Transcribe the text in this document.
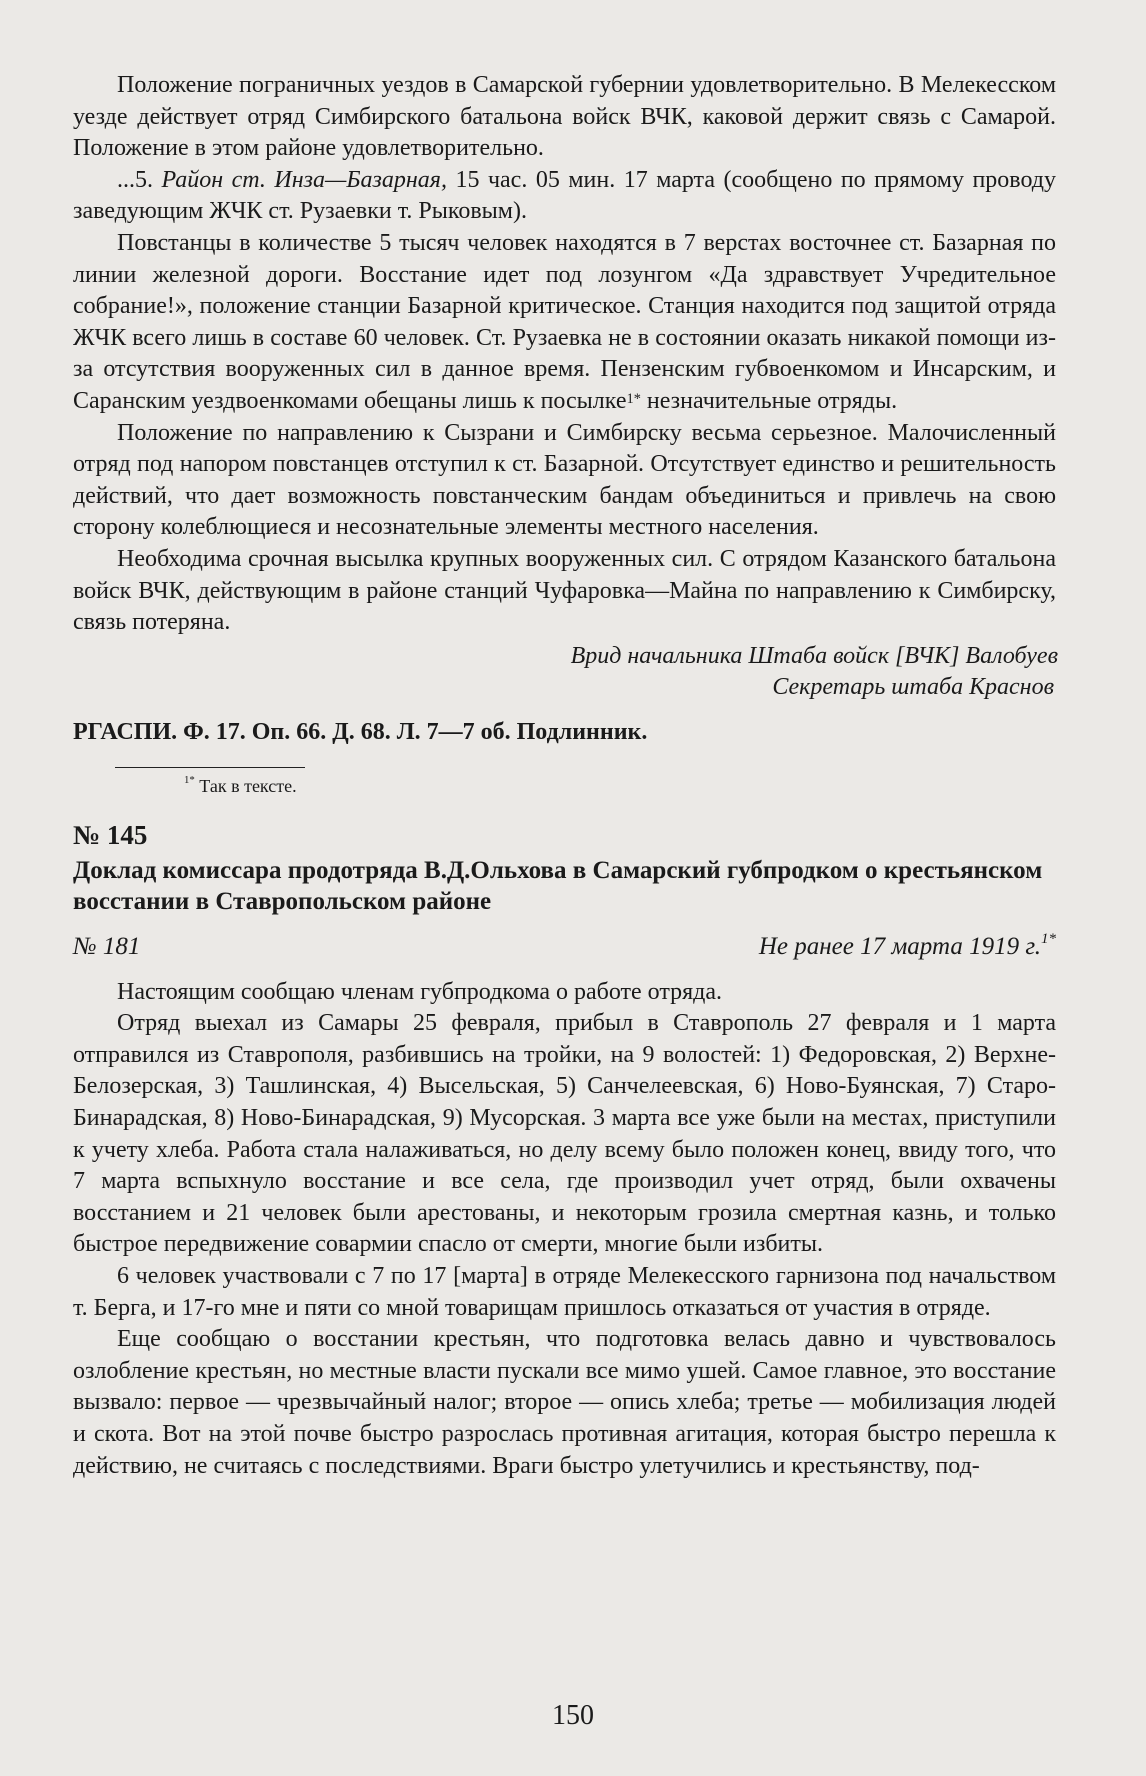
Положение пограничных уездов в Самарской губернии удовлетворительно. В Мелекесском уезде действует отряд Симбирского батальона войск ВЧК, каковой держит связь с Самарой. Положение в этом районе удовлетворительно.

...5. Район ст. Инза—Базарная, 15 час. 05 мин. 17 марта (сообщено по прямому проводу заведующим ЖЧК ст. Рузаевки т. Рыковым).

Повстанцы в количестве 5 тысяч человек находятся в 7 верстах восточнее ст. Базарная по линии железной дороги. Восстание идет под лозунгом «Да здравствует Учредительное собрание!», положение станции Базарной критическое. Станция находится под защитой отряда ЖЧК всего лишь в составе 60 человек. Ст. Рузаевка не в состоянии оказать никакой помощи из-за отсутствия вооруженных сил в данное время. Пензенским губвоенкомом и Инсарским, и Саранским уездвоенкомами обещаны лишь к посылке$^{1*}$ незначительные отряды.

Положение по направлению к Сызрани и Симбирску весьма серьезное. Малочисленный отряд под напором повстанцев отступил к ст. Базарной. Отсутствует единство и решительность действий, что дает возможность повстанческим бандам объединиться и привлечь на свою сторону колеблющиеся и несознательные элементы местного населения.

Необходима срочная высылка крупных вооруженных сил. С отрядом Казанского батальона войск ВЧК, действующим в районе станций Чуфаровка—Майна по направлению к Симбирску, связь потеряна.

Врид начальника Штаба войск [ВЧК] Валобуев
Секретарь штаба Краснов
РГАСПИ. Ф. 17. Оп. 66. Д. 68. Л. 7—7 об. Подлинник.
$^{1*}$ Так в тексте.
№ 145
Доклад комиссара продотряда В.Д.Ольхова в Самарский губпродком о крестьянском восстании в Ставропольском районе
№ 181	Не ранее 17 марта 1919 г.$^{1*}$

Настоящим сообщаю членам губпродкома о работе отряда.

Отряд выехал из Самары 25 февраля, прибыл в Ставрополь 27 февраля и 1 марта отправился из Ставрополя, разбившись на тройки, на 9 волостей: 1) Федоровская, 2) Верхне-Белозерская, 3) Ташлинская, 4) Высельская, 5) Санчелеевская, 6) Ново-Буянская, 7) Старо-Бинарадская, 8) Ново-Бинарадская, 9) Мусорская. 3 марта все уже были на местах, приступили к учету хлеба. Работа стала налаживаться, но делу всему было положен конец, ввиду того, что 7 марта вспыхнуло восстание и все села, где производил учет отряд, были охвачены восстанием и 21 человек были арестованы, и некоторым грозила смертная казнь, и только быстрое передвижение совармии спасло от смерти, многие были избиты.

6 человек участвовали с 7 по 17 [марта] в отряде Мелекесского гарнизона под начальством т. Берга, и 17-го мне и пяти со мной товарищам пришлось отказаться от участия в отряде.

Еще сообщаю о восстании крестьян, что подготовка велась давно и чувствовалось озлобление крестьян, но местные власти пускали все мимо ушей. Самое главное, это восстание вызвало: первое — чрезвычайный налог; второе — опись хлеба; третье — мобилизация людей и скота. Вот на этой почве быстро разрослась противная агитация, которая быстро перешла к действию, не считаясь с последствиями. Враги быстро улетучились и крестьянству, под-

150
